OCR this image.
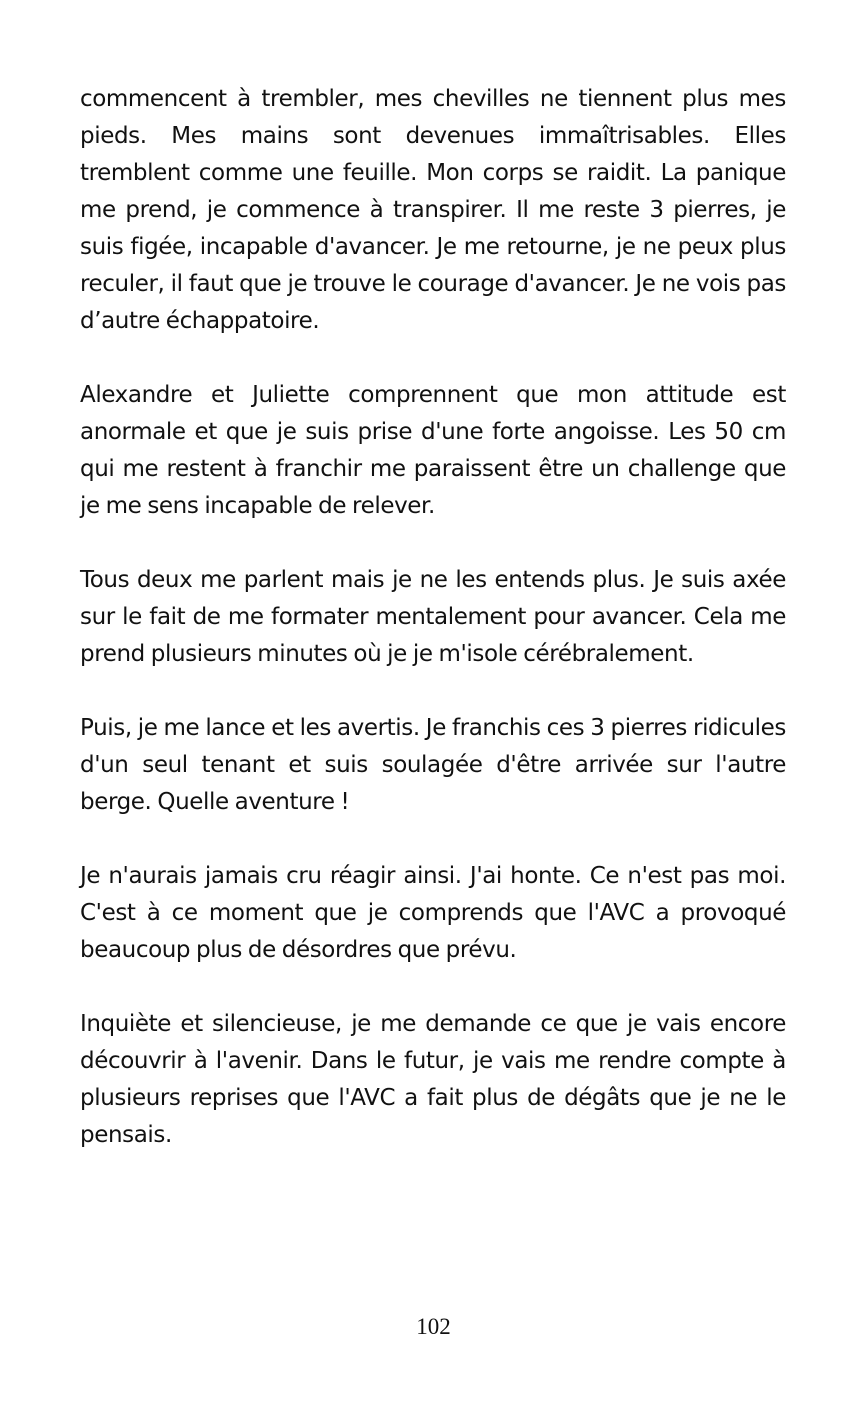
commencent à trembler, mes chevilles ne tiennent plus mes pieds. Mes mains sont devenues immaîtrisables. Elles tremblent comme une feuille. Mon corps se raidit. La panique me prend, je commence à transpirer. Il me reste 3 pierres, je suis figée, incapable d'avancer. Je me retourne, je ne peux plus reculer, il faut que je trouve le courage d'avancer. Je ne vois pas d’autre échappatoire.

Alexandre et Juliette comprennent que mon attitude est anormale et que je suis prise d'une forte angoisse. Les 50 cm qui me restent à franchir me paraissent être un challenge que je me sens incapable de relever.

Tous deux me parlent mais je ne les entends plus. Je suis axée sur le fait de me formater mentalement pour avancer. Cela me prend plusieurs minutes où je je m'isole cérébralement.

Puis, je me lance et les avertis. Je franchis ces 3 pierres ridicules d'un seul tenant et suis soulagée d'être arrivée sur l'autre berge. Quelle aventure !

Je n'aurais jamais cru réagir ainsi. J'ai honte. Ce n'est pas moi. C'est à ce moment que je comprends que l'AVC a provoqué beaucoup plus de désordres que prévu.

Inquiète et silencieuse, je me demande ce que je vais encore découvrir à l'avenir. Dans le futur, je vais me rendre compte à plusieurs reprises que l'AVC a fait plus de dégâts que je ne le pensais.

102
